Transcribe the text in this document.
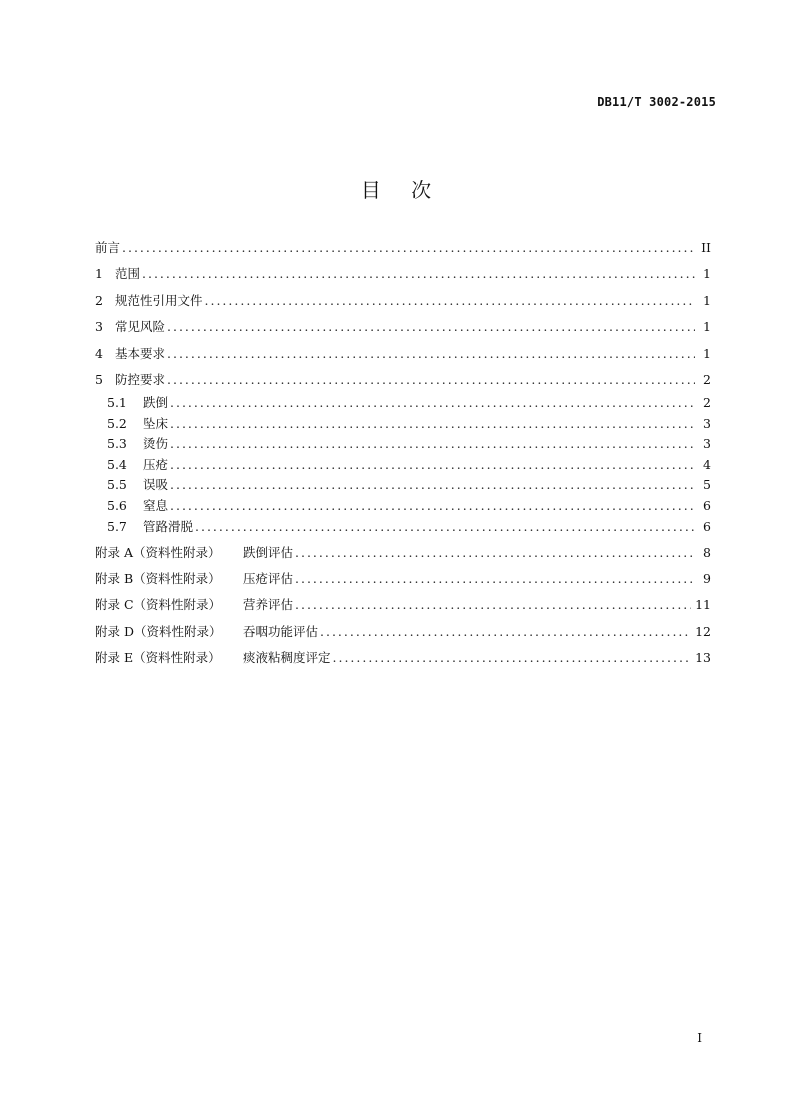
DB11/T 3002-2015
目 次
前言 .....	II
1 范围 .....	1
2 规范性引用文件 .....	1
3 常见风险 .....	1
4 基本要求 .....	1
5 防控要求 .....	2
5.1	跌倒 .....	2
5.2	坠床 .....	3
5.3	烫伤 .....	3
5.4	压疮 .....	4
5.5	误吸 .....	5
5.6	窒息 .....	6
5.7	管路滑脱 .....	6
附录 A（资料性附录）	跌倒评估 .....	8
附录 B（资料性附录）	压疮评估 .....	9
附录 C（资料性附录）	营养评估 .....	11
附录 D（资料性附录）	吞咽功能评估 .....	12
附录 E（资料性附录）	痰液粘稠度评定 .....	13
I
